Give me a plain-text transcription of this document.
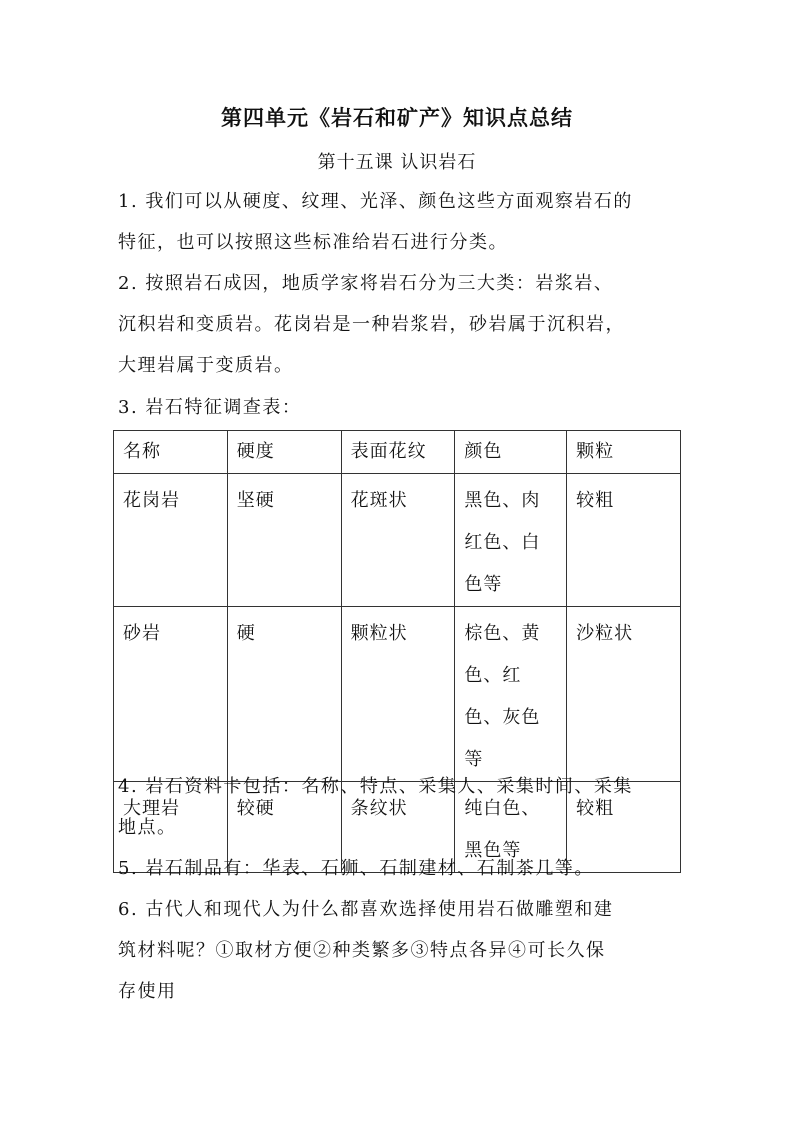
第四单元《岩石和矿产》知识点总结
第十五课 认识岩石
1. 我们可以从硬度、纹理、光泽、颜色这些方面观察岩石的
特征，也可以按照这些标准给岩石进行分类。
2. 按照岩石成因，地质学家将岩石分为三大类：岩浆岩、
沉积岩和变质岩。花岗岩是一种岩浆岩，砂岩属于沉积岩，
大理岩属于变质岩。
3. 岩石特征调查表：
名称	硬度	表面花纹	颜色	颗粒
花岗岩	坚硬	花斑状	黑色、肉红色、白色等	较粗
砂岩	硬	颗粒状	棕色、黄色、红色、灰色等	沙粒状
大理岩	较硬	条纹状	纯白色、黑色等	较粗
4. 岩石资料卡包括：名称、特点、采集人、采集时间、采集
地点。
5. 岩石制品有：华表、石狮、石制建材、石制茶几等。
6. 古代人和现代人为什么都喜欢选择使用岩石做雕塑和建
筑材料呢？①取材方便②种类繁多③特点各异④可长久保
存使用
